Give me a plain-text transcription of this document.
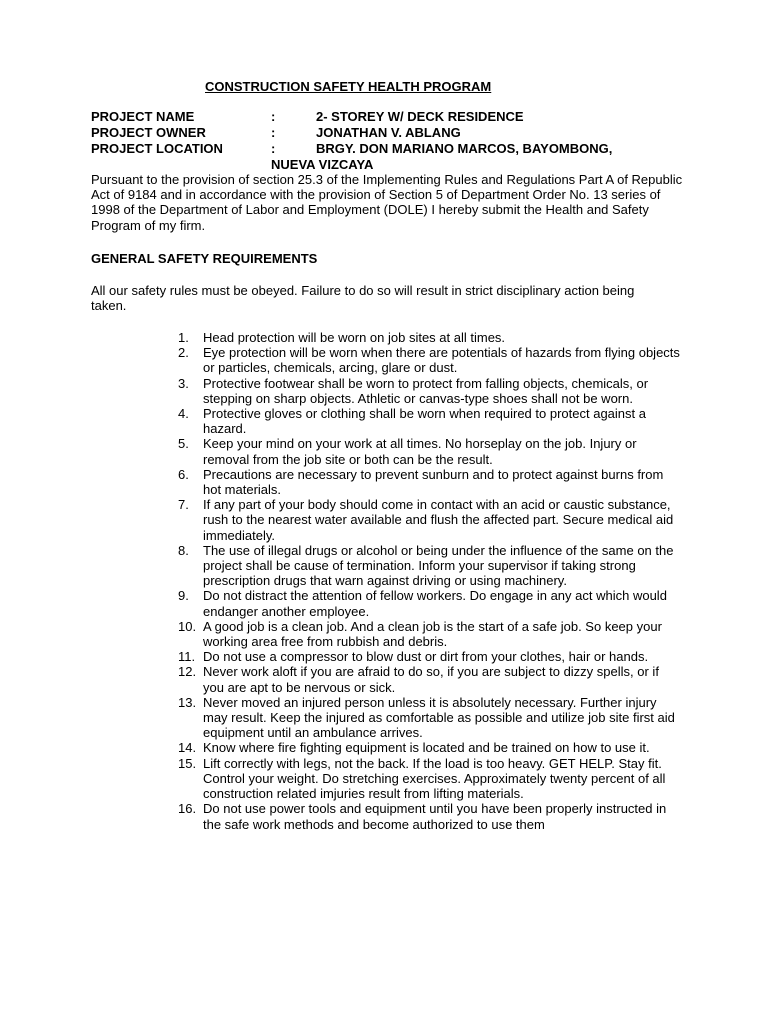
CONSTRUCTION SAFETY HEALTH PROGRAM
PROJECT NAME	:	2- STOREY W/ DECK RESIDENCE
PROJECT OWNER	:	JONATHAN V. ABLANG
PROJECT LOCATION	:	BRGY. DON MARIANO MARCOS, BAYOMBONG,
NUEVA VIZCAYA

Pursuant to the provision of section 25.3 of the Implementing Rules and Regulations Part A of Republic Act of 9184 and in accordance with the provision of Section 5 of Department Order No. 13 series of 1998 of the Department of Labor and Employment (DOLE) I hereby submit the Health and Safety Program of my firm.

GENERAL SAFETY REQUIREMENTS

All our safety rules must be obeyed. Failure to do so will result in strict disciplinary action being taken.

1. Head protection will be worn on job sites at all times.
2. Eye protection will be worn when there are potentials of hazards from flying objects or particles, chemicals, arcing, glare or dust.
3. Protective footwear shall be worn to protect from falling objects, chemicals, or stepping on sharp objects. Athletic or canvas-type shoes shall not be worn.
4. Protective gloves or clothing shall be worn when required to protect against a hazard.
5. Keep your mind on your work at all times. No horseplay on the job. Injury or removal from the job site or both can be the result.
6. Precautions are necessary to prevent sunburn and to protect against burns from hot materials.
7. If any part of your body should come in contact with an acid or caustic substance, rush to the nearest water available and flush the affected part. Secure medical aid immediately.
8. The use of illegal drugs or alcohol or being under the influence of the same on the project shall be cause of termination. Inform your supervisor if taking strong prescription drugs that warn against driving or using machinery.
9. Do not distract the attention of fellow workers. Do engage in any act which would endanger another employee.
10. A good job is a clean job. And a clean job is the start of a safe job. So keep your working area free from rubbish and debris.
11. Do not use a compressor to blow dust or dirt from your clothes, hair or hands.
12. Never work aloft if you are afraid to do so, if you are subject to dizzy spells, or if you are apt to be nervous or sick.
13. Never moved an injured person unless it is absolutely necessary. Further injury may result. Keep the injured as comfortable as possible and utilize job site first aid equipment until an ambulance arrives.
14. Know where fire fighting equipment is located and be trained on how to use it.
15. Lift correctly with legs, not the back. If the load is too heavy. GET HELP. Stay fit. Control your weight. Do stretching exercises. Approximately twenty percent of all construction related imjuries result from lifting materials.
16. Do not use power tools and equipment until you have been properly instructed in the safe work methods and become authorized to use them
